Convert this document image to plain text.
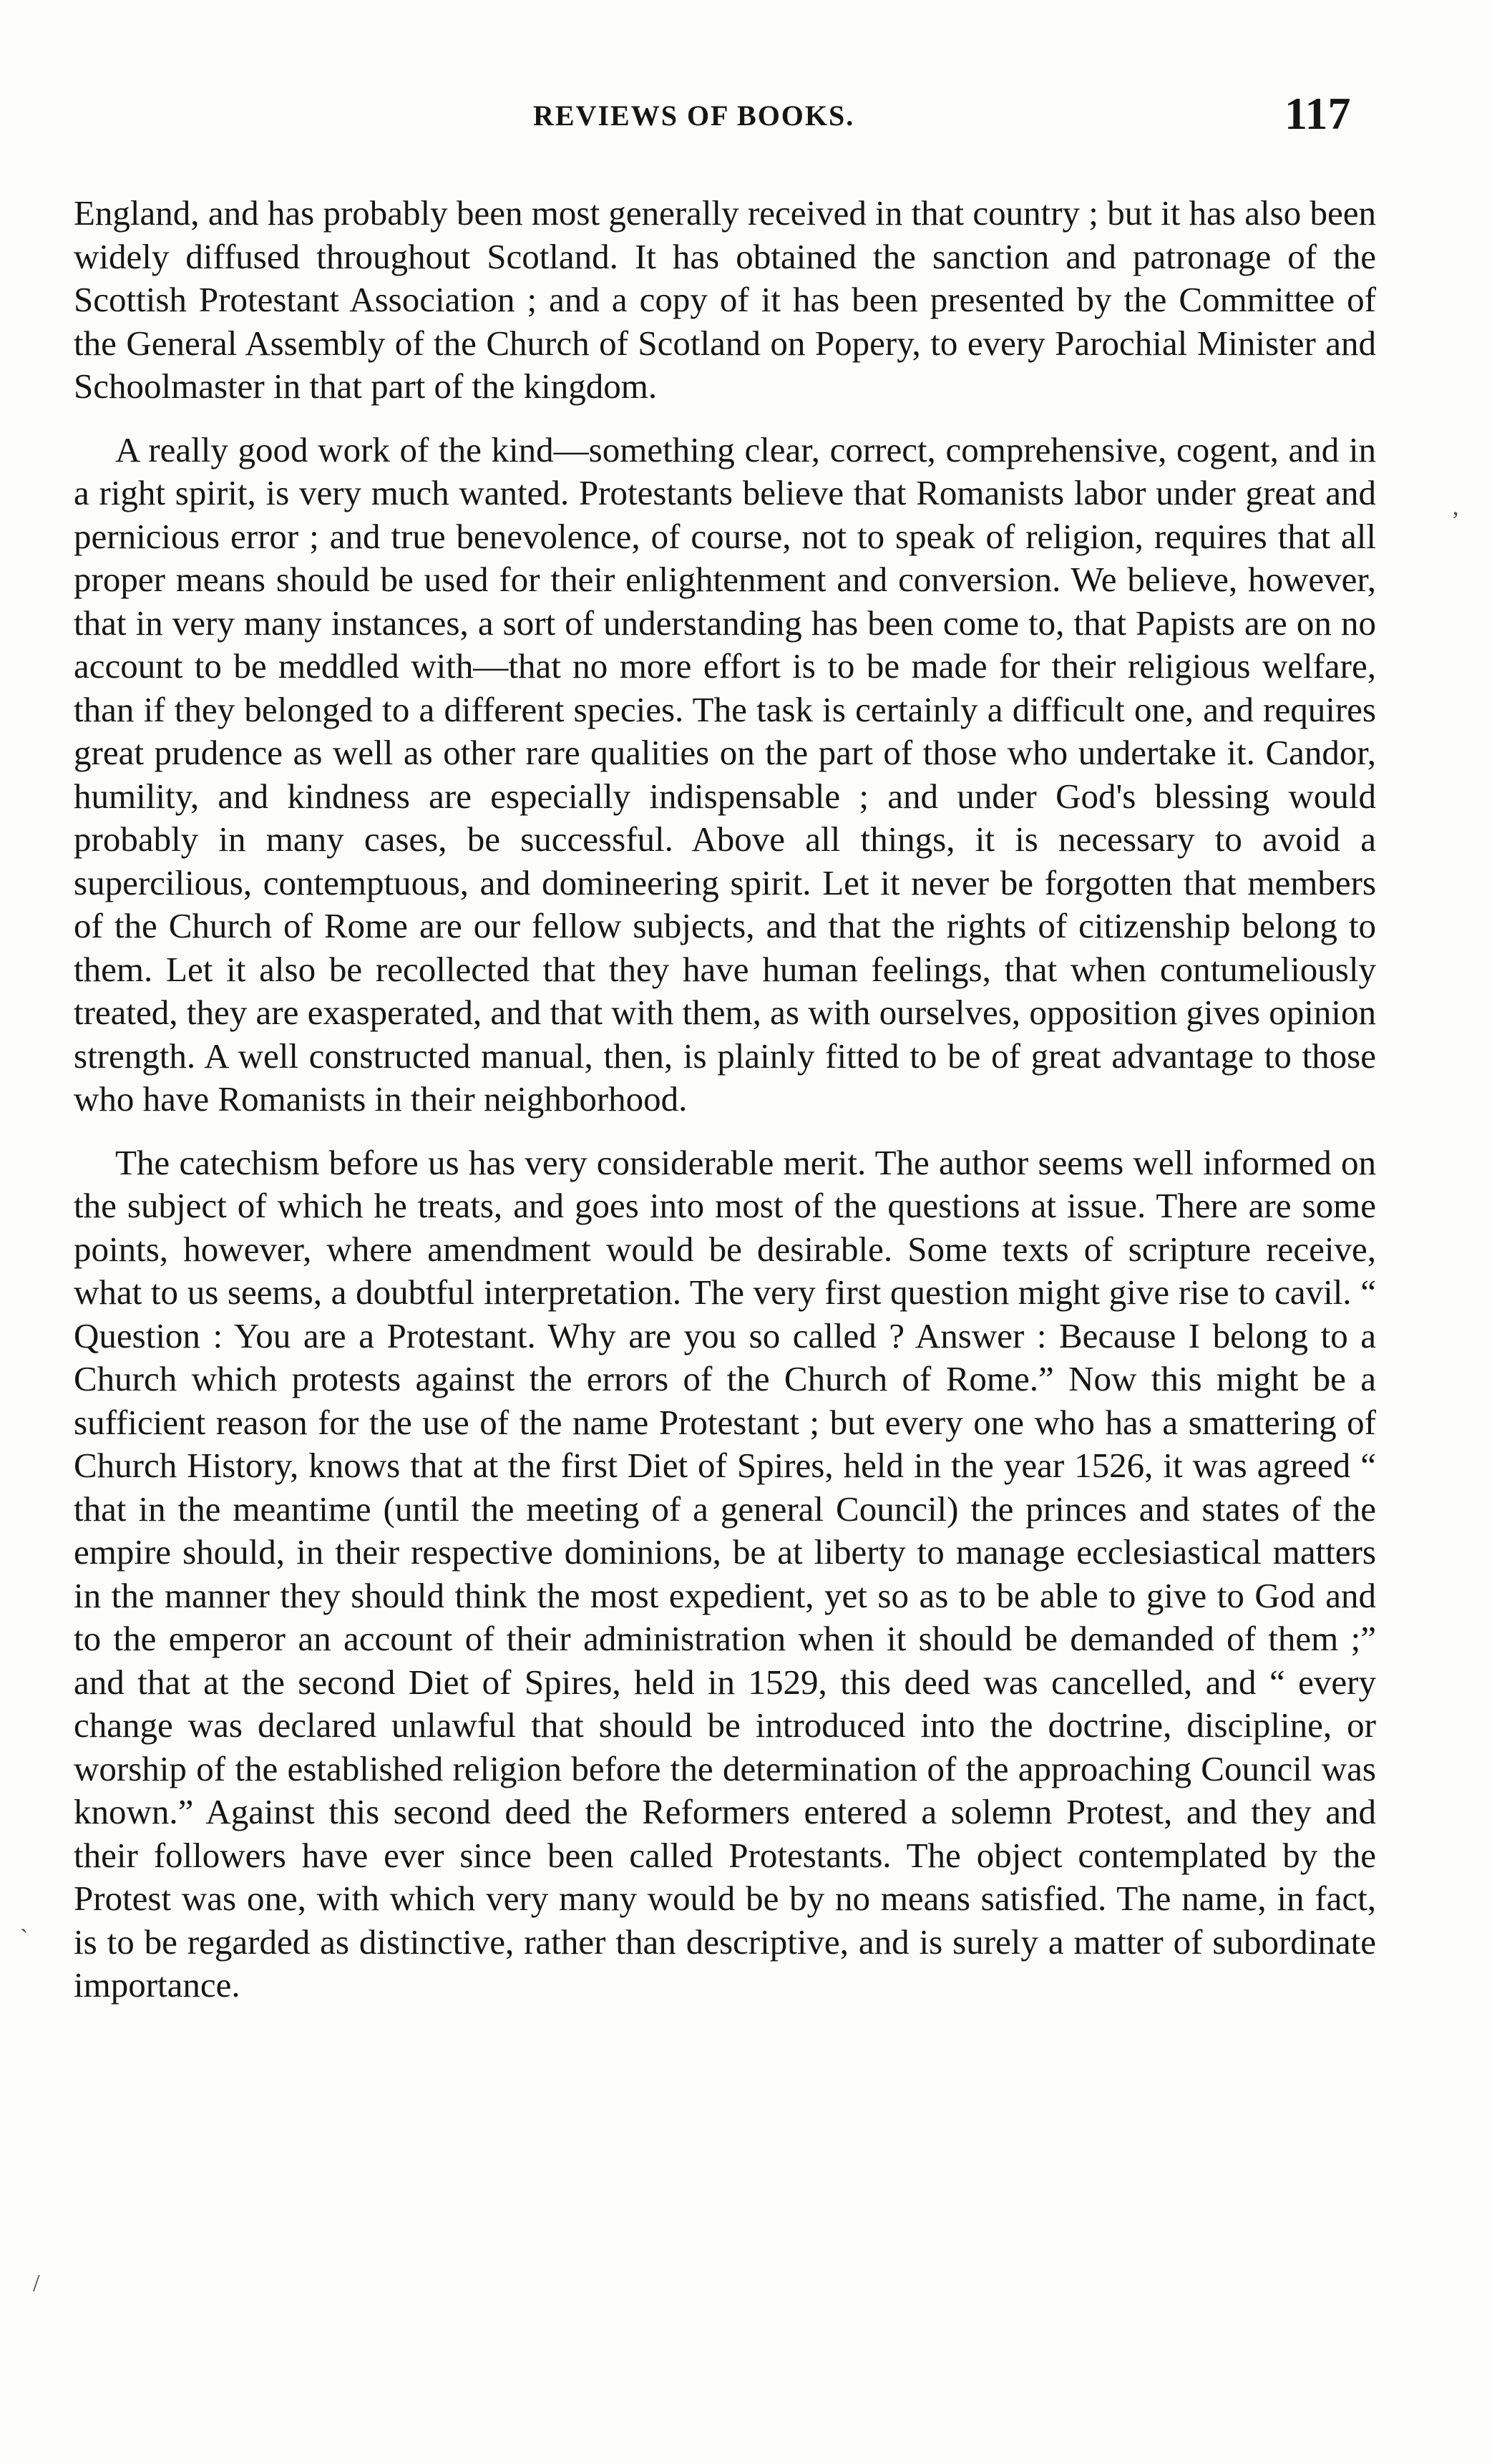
REVIEWS OF BOOKS.	117

England, and has probably been most generally received in that country ; but it has also been widely diffused throughout Scotland. It has obtained the sanction and patronage of the Scottish Protestant Association ; and a copy of it has been presented by the Committee of the General Assembly of the Church of Scotland on Popery, to every Parochial Minister and Schoolmaster in that part of the kingdom.

A really good work of the kind—something clear, correct, comprehensive, cogent, and in a right spirit, is very much wanted. Protestants believe that Romanists labor under great and pernicious error ; and true benevolence, of course, not to speak of religion, requires that all proper means should be used for their enlightenment and conversion. We believe, however, that in very many instances, a sort of understanding has been come to, that Papists are on no account to be meddled with—that no more effort is to be made for their religious welfare, than if they belonged to a different species. The task is certainly a difficult one, and requires great prudence as well as other rare qualities on the part of those who undertake it. Candor, humility, and kindness are especially indispensable ; and under God's blessing would probably in many cases, be successful. Above all things, it is necessary to avoid a supercilious, contemptuous, and domineering spirit. Let it never be forgotten that members of the Church of Rome are our fellow subjects, and that the rights of citizenship belong to them. Let it also be recollected that they have human feelings, that when contumeliously treated, they are exasperated, and that with them, as with ourselves, opposition gives opinion strength. A well constructed manual, then, is plainly fitted to be of great advantage to those who have Romanists in their neighborhood.

The catechism before us has very considerable merit. The author seems well informed on the subject of which he treats, and goes into most of the questions at issue. There are some points, however, where amendment would be desirable. Some texts of scripture receive, what to us seems, a doubtful interpretation. The very first question might give rise to cavil. “ Question : You are a Protestant. Why are you so called ? Answer : Because I belong to a Church which protests against the errors of the Church of Rome.” Now this might be a sufficient reason for the use of the name Protestant ; but every one who has a smattering of Church History, knows that at the first Diet of Spires, held in the year 1526, it was agreed “ that in the meantime (until the meeting of a general Council) the princes and states of the empire should, in their respective dominions, be at liberty to manage ecclesiastical matters in the manner they should think the most expedient, yet so as to be able to give to God and to the emperor an account of their administration when it should be demanded of them ;” and that at the second Diet of Spires, held in 1529, this deed was cancelled, and “ every change was declared unlawful that should be introduced into the doctrine, discipline, or worship of the established religion before the determination of the approaching Council was known.” Against this second deed the Reformers entered a solemn Protest, and they and their followers have ever since been called Protestants. The object contemplated by the Protest was one, with which very many would be by no means satisfied. The name, in fact, is to be regarded as distinctive, rather than descriptive, and is surely a matter of subordinate importance.

,
`
/
